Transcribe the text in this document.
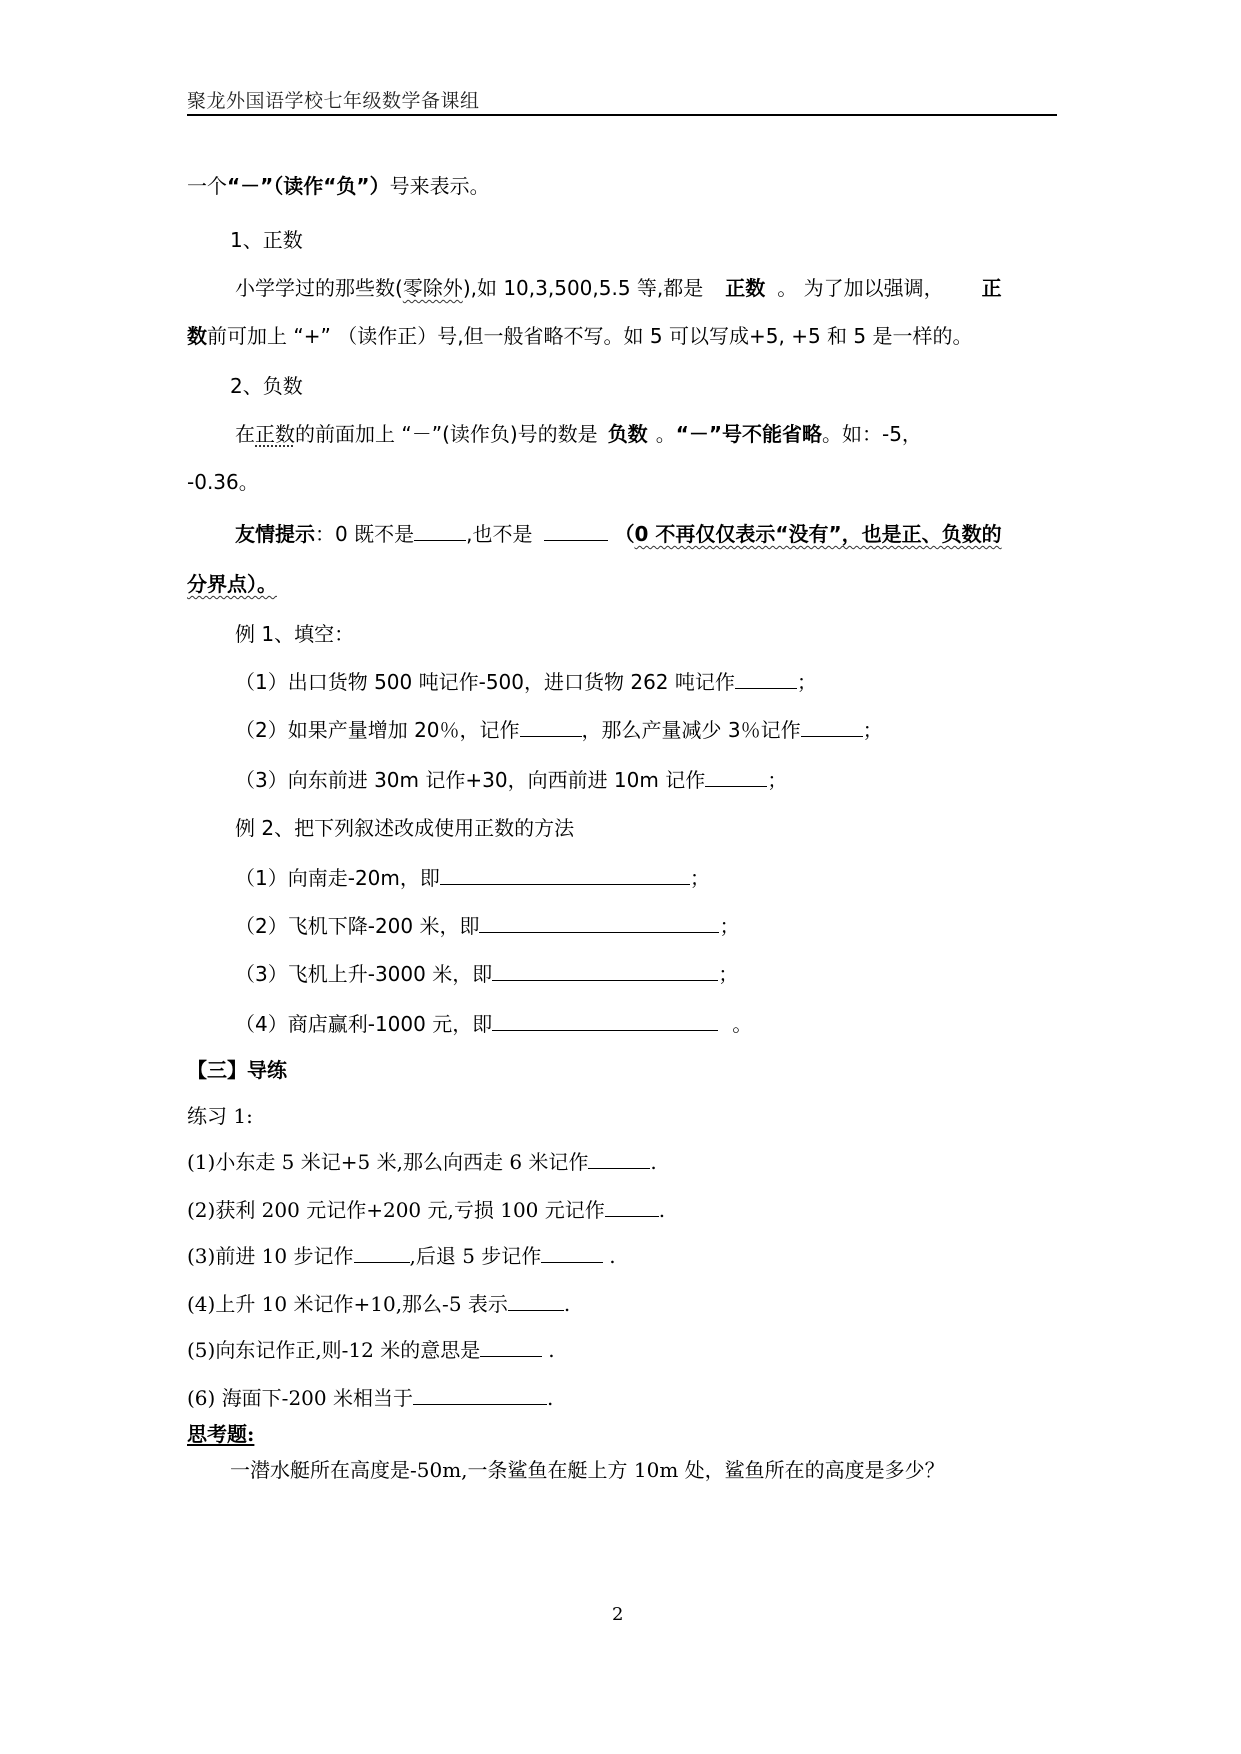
聚龙外国语学校七年级数学备课组
一个“－”（读作“负”）号来表示。
1、正数
小学学过的那些数(零除外),如 10,3,500,5.5 等,都是 正数 。 为了加以强调， 正
数前可加上 “+” （读作正）号,但一般省略不写。如 5 可以写成+5, +5 和 5 是一样的。
2、负数
在正数的前面加上 “－”(读作负)号的数是 负数 。“－”号不能省略。如：-5，
-0.36。
友情提示：0 既不是	,也不是	（0 不再仅仅表示“没有”，也是正、负数的
分界点）。
例 1、填空：
（1）出口货物 500 吨记作-500，进口货物 262 吨记作	；
（2）如果产量增加 20％，记作	，那么产量减少 3％记作	；
（3）向东前进 30m 记作+30，向西前进 10m 记作	；
例 2、把下列叙述改成使用正数的方法
（1）向南走-20m，即	；
（2）飞机下降-200 米，即	；
（3）飞机上升-3000 米，即	；
（4）商店赢利-1000 元，即	。
【三】导练
练习 1:
(1)小东走 5 米记+5 米,那么向西走 6 米记作	.
(2)获利 200 元记作+200 元,亏损 100 元记作	.
(3)前进 10 步记作	,后退 5 步记作	.
(4)上升 10 米记作+10,那么-5 表示	.
(5)向东记作正,则-12 米的意思是	.
(6) 海面下-200 米相当于	.
思考题:
一潜水艇所在高度是-50m,一条鲨鱼在艇上方 10m 处，鲨鱼所在的高度是多少？
2
